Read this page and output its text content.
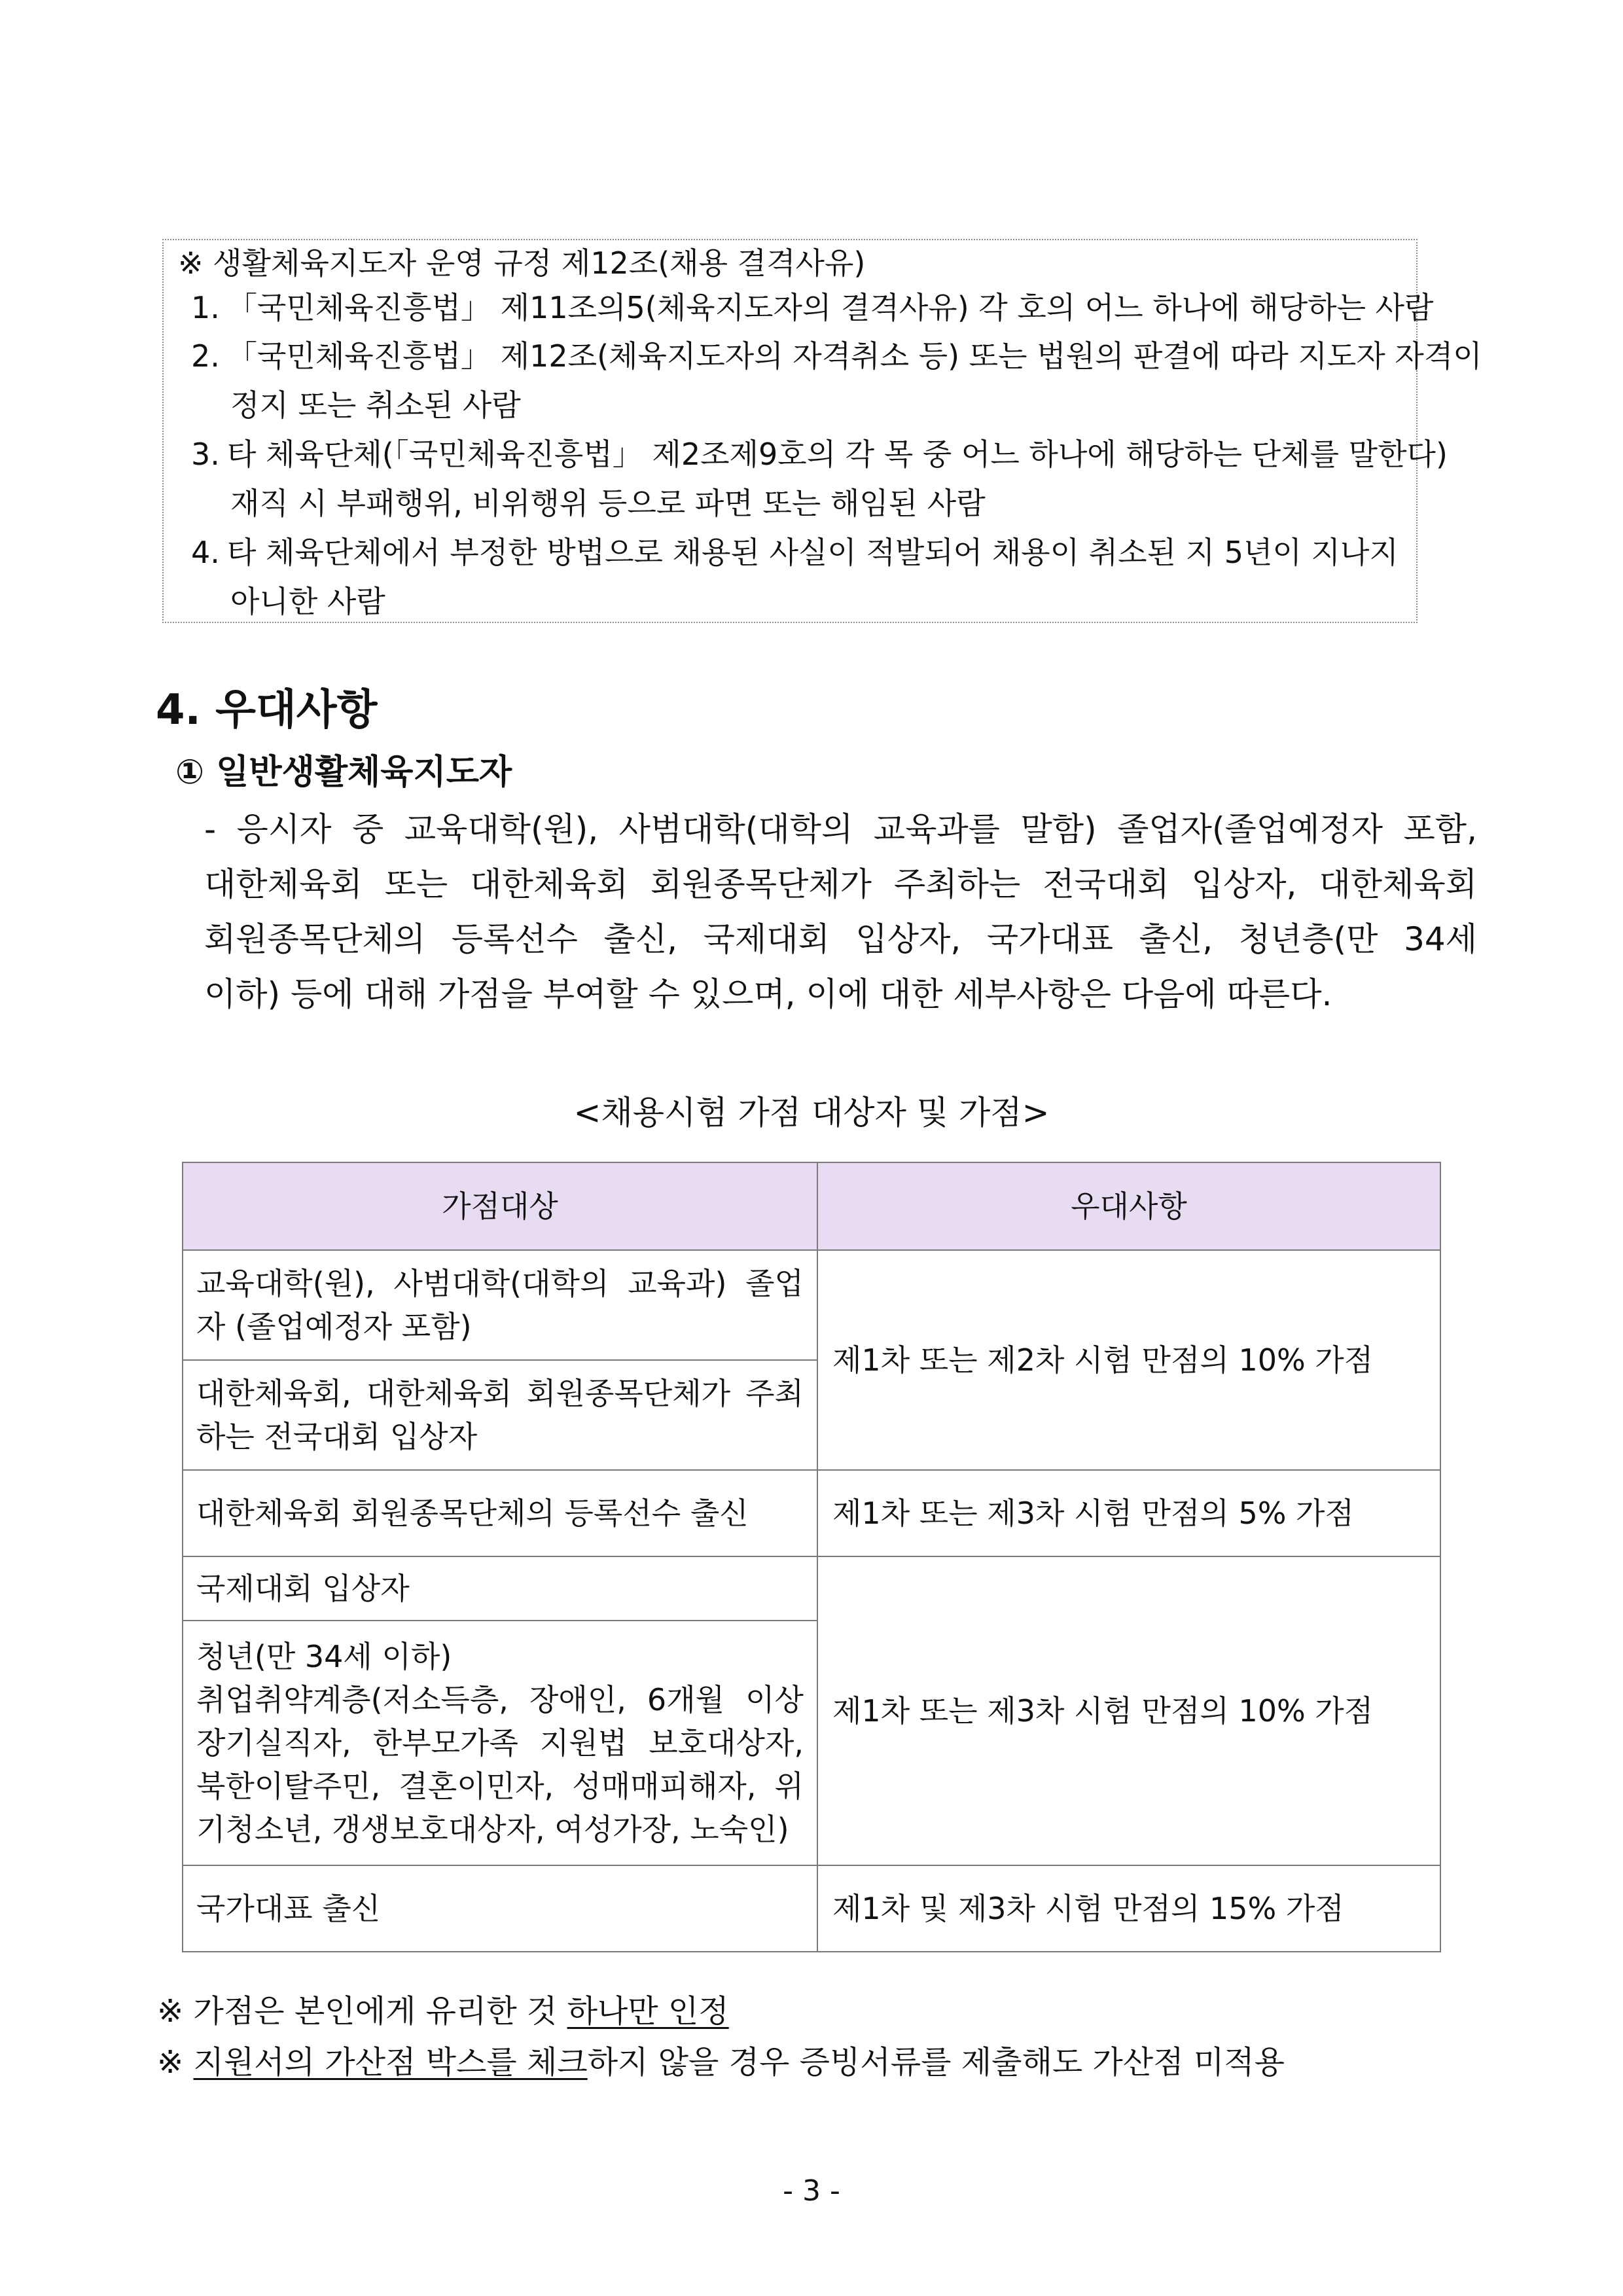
※ 생활체육지도자 운영 규정 제12조(채용 결격사유)
1. 「국민체육진흥법」 제11조의5(체육지도자의 결격사유) 각 호의 어느 하나에 해당하는 사람
2. 「국민체육진흥법」 제12조(체육지도자의 자격취소 등) 또는 법원의 판결에 따라 지도자 자격이
정지 또는 취소된 사람
3. 타 체육단체(「국민체육진흥법」 제2조제9호의 각 목 중 어느 하나에 해당하는 단체를 말한다)
재직 시 부패행위, 비위행위 등으로 파면 또는 해임된 사람
4. 타 체육단체에서 부정한 방법으로 채용된 사실이 적발되어 채용이 취소된 지 5년이 지나지
아니한 사람
4. 우대사항
① 일반생활체육지도자
- 응시자 중 교육대학(원), 사범대학(대학의 교육과를 말함) 졸업자(졸업예정자 포함,
대한체육회 또는 대한체육회 회원종목단체가 주최하는 전국대회 입상자, 대한체육회
회원종목단체의 등록선수 출신, 국제대회 입상자, 국가대표 출신, 청년층(만 34세
이하) 등에 대해 가점을 부여할 수 있으며, 이에 대한 세부사항은 다음에 따른다.
<채용시험 가점 대상자 및 가점>
가점대상	우대사항
교육대학(원), 사범대학(대학의 교육과) 졸업자 (졸업예정자 포함)	제1차 또는 제2차 시험 만점의 10% 가점
대한체육회, 대한체육회 회원종목단체가 주최하는 전국대회 입상자	
대한체육회 회원종목단체의 등록선수 출신	제1차 또는 제3차 시험 만점의 5% 가점
국제대회 입상자	제1차 또는 제3차 시험 만점의 10% 가점

청년(만 34세 이하)
취업취약계층(저소득층, 장애인, 6개월 이상 장기실직자, 한부모가족 지원법 보호대상자, 북한이탈주민, 결혼이민자, 성매매피해자, 위기청소년, 갱생보호대상자, 여성가장, 노숙인)	

국가대표 출신	제1차 및 제3차 시험 만점의 15% 가점
※ 가점은 본인에게 유리한 것 하나만 인정
※ 지원서의 가산점 박스를 체크하지 않을 경우 증빙서류를 제출해도 가산점 미적용
- 3 -
